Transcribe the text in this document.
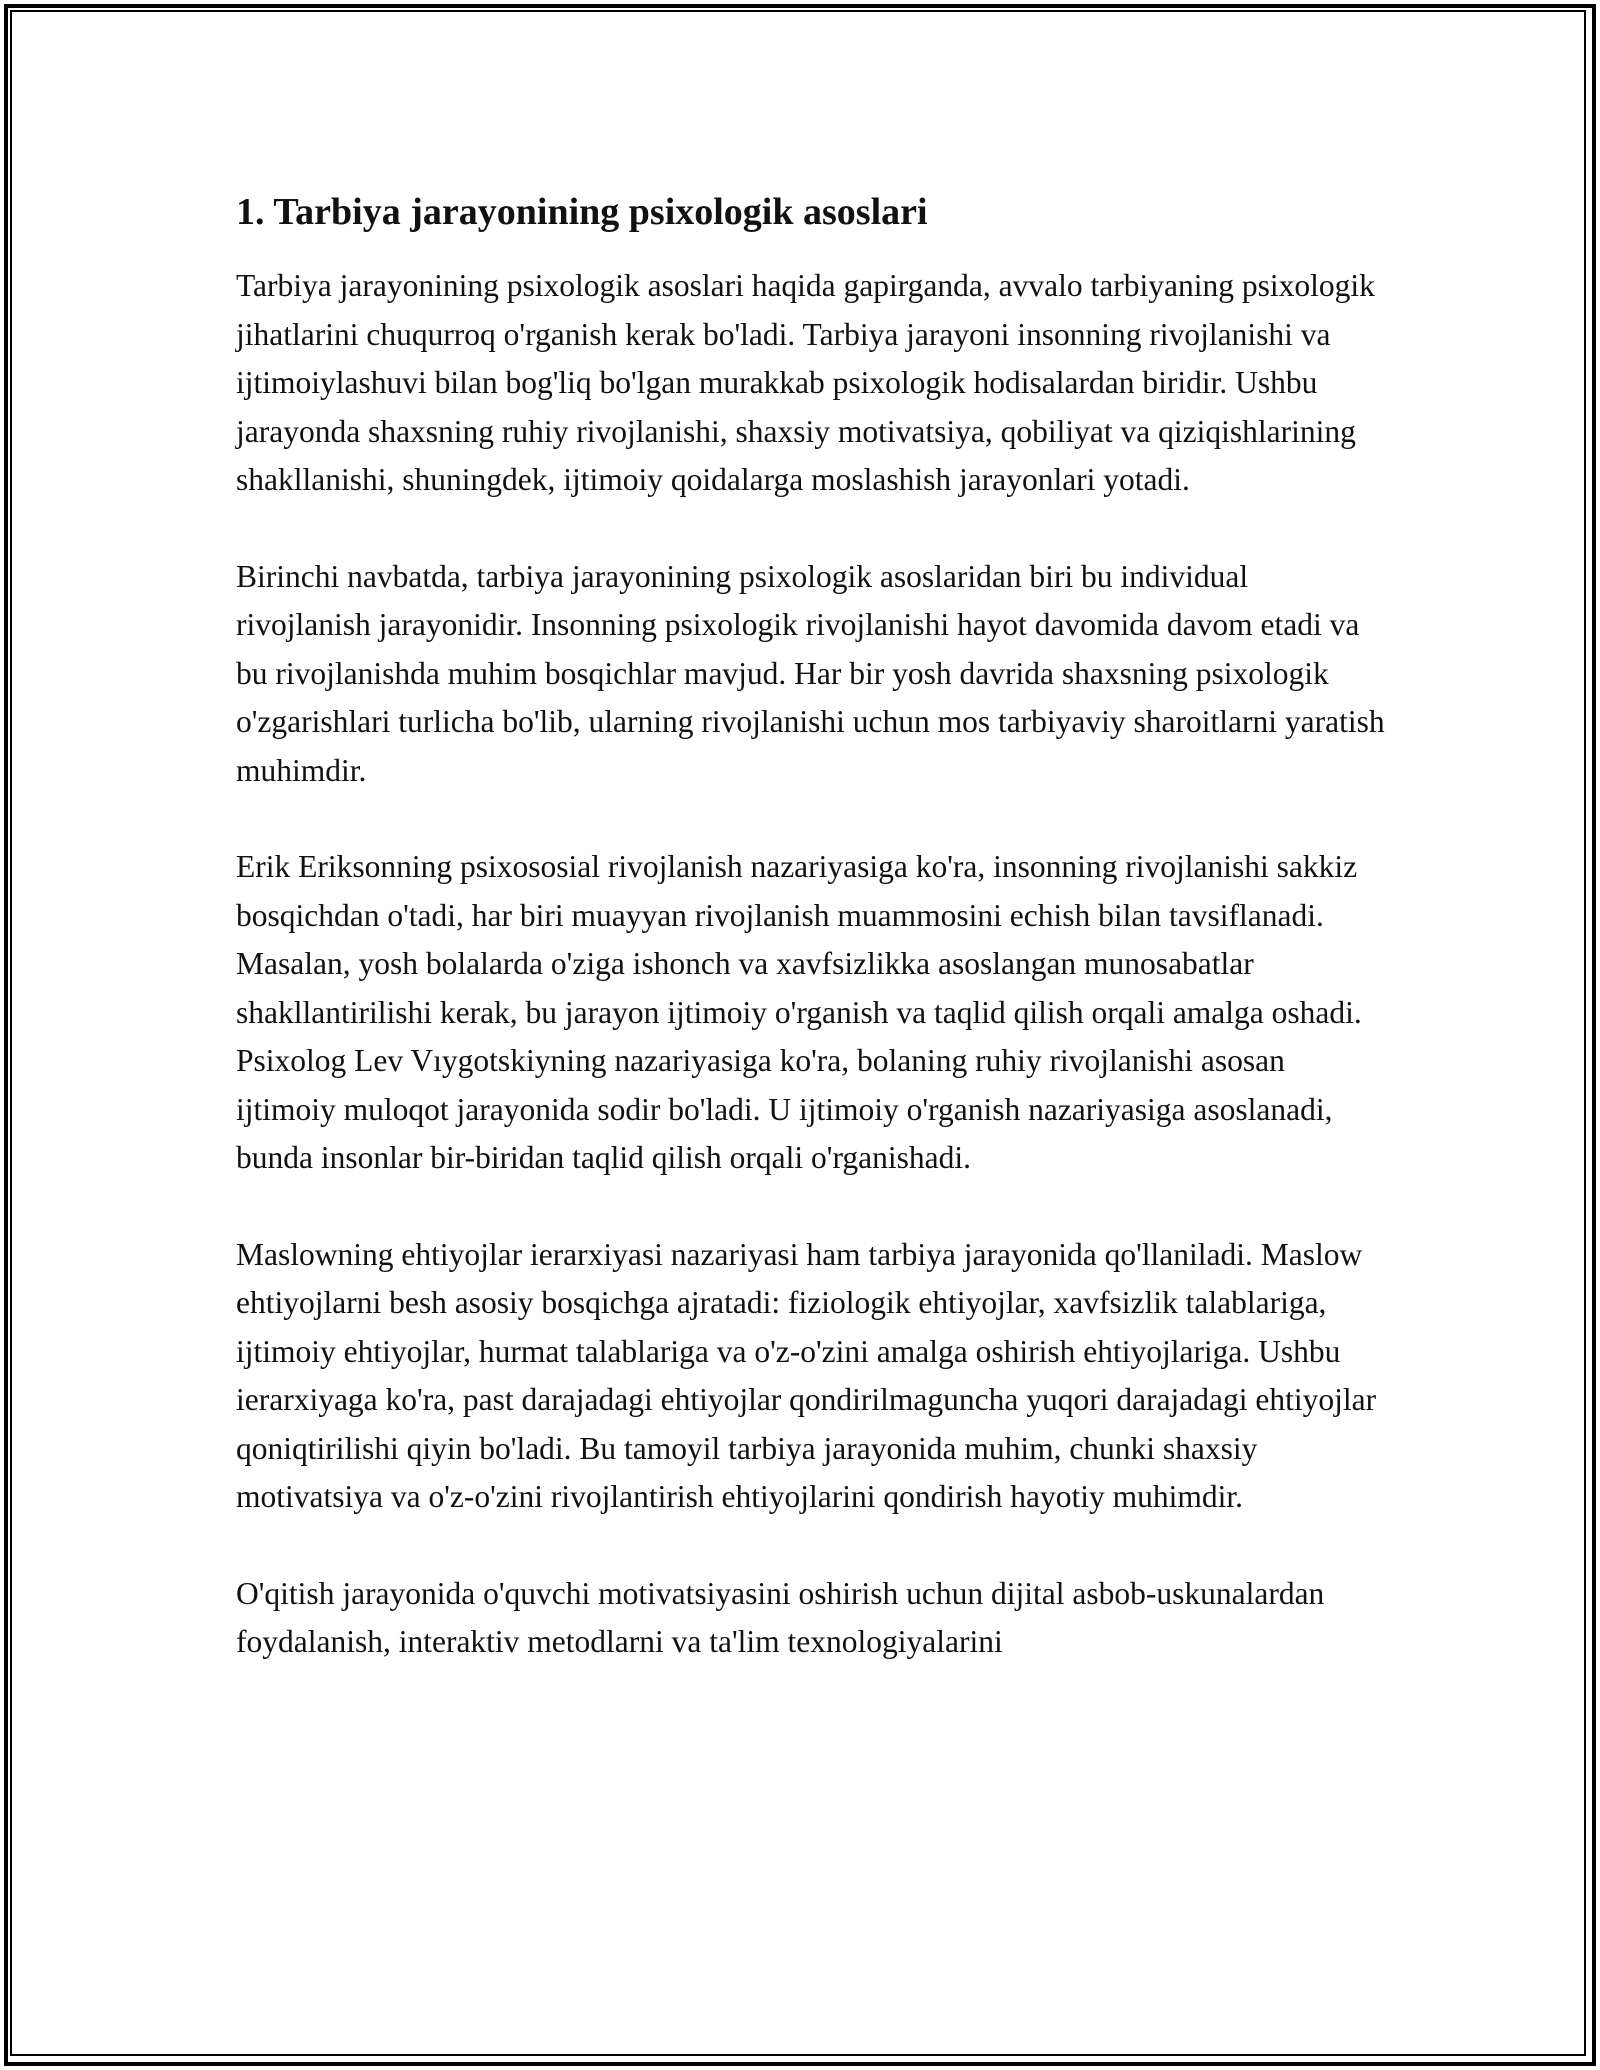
1. Tarbiya jarayonining psixologik asoslari

Tarbiya jarayonining psixologik asoslari haqida gapirganda, avvalo tarbiyaning psixologik jihatlarini chuqurroq o'rganish kerak bo'ladi. Tarbiya jarayoni insonning rivojlanishi va ijtimoiylashuvi bilan bog'liq bo'lgan murakkab psixologik hodisalardan biridir. Ushbu jarayonda shaxsning ruhiy rivojlanishi, shaxsiy motivatsiya, qobiliyat va qiziqishlarining shakllanishi, shuningdek, ijtimoiy qoidalarga moslashish jarayonlari yotadi.

Birinchi navbatda, tarbiya jarayonining psixologik asoslaridan biri bu individual rivojlanish jarayonidir. Insonning psixologik rivojlanishi hayot davomida davom etadi va bu rivojlanishda muhim bosqichlar mavjud. Har bir yosh davrida shaxsning psixologik o'zgarishlari turlicha bo'lib, ularning rivojlanishi uchun mos tarbiyaviy sharoitlarni yaratish muhimdir.

Erik Eriksonning psixososial rivojlanish nazariyasiga ko'ra, insonning rivojlanishi sakkiz bosqichdan o'tadi, har biri muayyan rivojlanish muammosini echish bilan tavsiflanadi. Masalan, yosh bolalarda o'ziga ishonch va xavfsizlikka asoslangan munosabatlar shakllantirilishi kerak, bu jarayon ijtimoiy o'rganish va taqlid qilish orqali amalga oshadi. Psixolog Lev Vıygotskiyning nazariyasiga ko'ra, bolaning ruhiy rivojlanishi asosan ijtimoiy muloqot jarayonida sodir bo'ladi. U ijtimoiy o'rganish nazariyasiga asoslanadi, bunda insonlar bir-biridan taqlid qilish orqali o'rganishadi.

Maslowning ehtiyojlar ierarxiyasi nazariyasi ham tarbiya jarayonida qo'llaniladi. Maslow ehtiyojlarni besh asosiy bosqichga ajratadi: fiziologik ehtiyojlar, xavfsizlik talablariga, ijtimoiy ehtiyojlar, hurmat talablariga va o'z-o'zini amalga oshirish ehtiyojlariga. Ushbu ierarxiyaga ko'ra, past darajadagi ehtiyojlar qondirilmaguncha yuqori darajadagi ehtiyojlar qoniqtirilishi qiyin bo'ladi. Bu tamoyil tarbiya jarayonida muhim, chunki shaxsiy motivatsiya va o'z-o'zini rivojlantirish ehtiyojlarini qondirish hayotiy muhimdir.

O'qitish jarayonida o'quvchi motivatsiyasini oshirish uchun dijital asbob-uskunalardan foydalanish, interaktiv metodlarni va ta'lim texnologiyalarini
